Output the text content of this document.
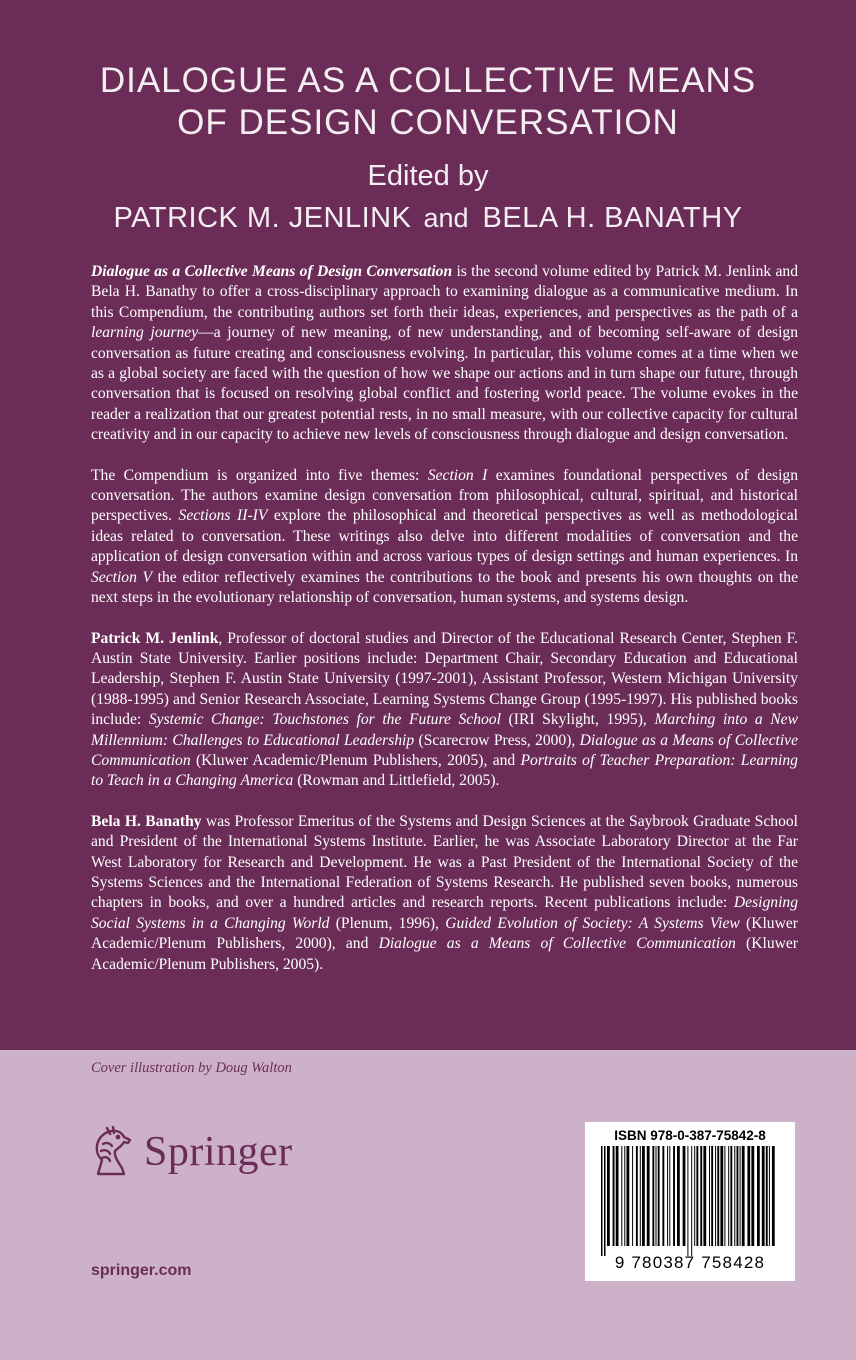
DIALOGUE AS A COLLECTIVE MEANS
OF DESIGN CONVERSATION
Edited by
PATRICK M. JENLINK and BELA H. BANATHY

Dialogue as a Collective Means of Design Conversation is the second volume edited by Patrick M. Jenlink and Bela H. Banathy to offer a cross-disciplinary approach to examining dialogue as a communicative medium. In this Compendium, the contributing authors set forth their ideas, experiences, and perspectives as the path of a learning journey—a journey of new meaning, of new understanding, and of becoming self-aware of design conversation as future creating and consciousness evolving. In particular, this volume comes at a time when we as a global society are faced with the question of how we shape our actions and in turn shape our future, through conversation that is focused on resolving global conflict and fostering world peace. The volume evokes in the reader a realization that our greatest potential rests, in no small measure, with our collective capacity for cultural creativity and in our capacity to achieve new levels of consciousness through dialogue and design conversation.

The Compendium is organized into five themes: Section I examines foundational perspectives of design conversation. The authors examine design conversation from philosophical, cultural, spiritual, and historical perspectives. Sections II-IV explore the philosophical and theoretical perspectives as well as methodological ideas related to conversation. These writings also delve into different modalities of conversation and the application of design conversation within and across various types of design settings and human experiences. In Section V the editor reflectively examines the contributions to the book and presents his own thoughts on the next steps in the evolutionary relationship of conversation, human systems, and systems design.

Patrick M. Jenlink, Professor of doctoral studies and Director of the Educational Research Center, Stephen F. Austin State University. Earlier positions include: Department Chair, Secondary Education and Educational Leadership, Stephen F. Austin State University (1997-2001), Assistant Professor, Western Michigan University (1988-1995) and Senior Research Associate, Learning Systems Change Group (1995-1997). His published books include: Systemic Change: Touchstones for the Future School (IRI Skylight, 1995), Marching into a New Millennium: Challenges to Educational Leadership (Scarecrow Press, 2000), Dialogue as a Means of Collective Communication (Kluwer Academic/Plenum Publishers, 2005), and Portraits of Teacher Preparation: Learning to Teach in a Changing America (Rowman and Littlefield, 2005).

Bela H. Banathy was Professor Emeritus of the Systems and Design Sciences at the Saybrook Graduate School and President of the International Systems Institute. Earlier, he was Associate Laboratory Director at the Far West Laboratory for Research and Development. He was a Past President of the International Society of the Systems Sciences and the International Federation of Systems Research. He published seven books, numerous chapters in books, and over a hundred articles and research reports. Recent publications include: Designing Social Systems in a Changing World (Plenum, 1996), Guided Evolution of Society: A Systems View (Kluwer Academic/Plenum Publishers, 2000), and Dialogue as a Means of Collective Communication (Kluwer Academic/Plenum Publishers, 2005).

Cover illustration by Doug Walton
Springer
springer.com
ISBN 978-0-387-75842-8
9 780387 758428
